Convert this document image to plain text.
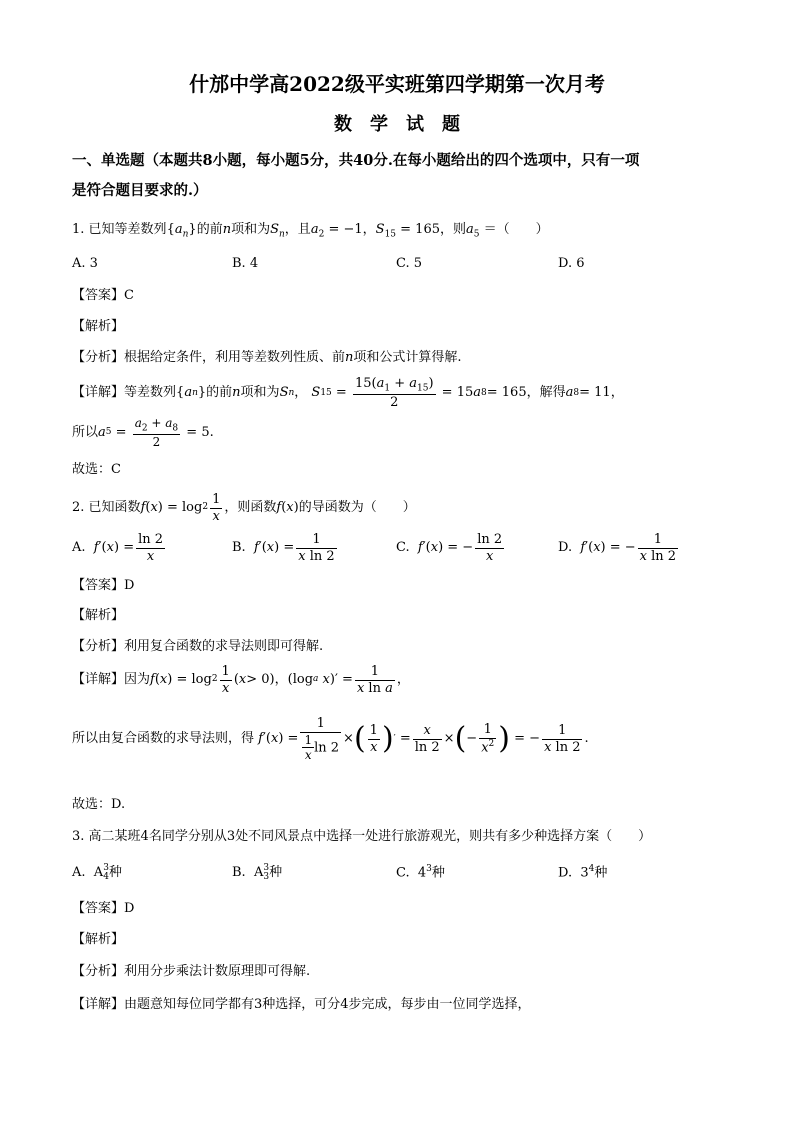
什邡中学高2022级平实班第四学期第一次月考
数　学　试　题
一、单选题（本题共8小题，每小题5分，共40分.在每小题给出的四个选项中，只有一项
是符合题目要求的.）
1. 已知等差数列$\{a_n\}$的前n项和为$S_n$，且$a_2 = -1$，$S_{15} = 165$，则$a_5$ ＝（　　）
A. 3	B. 4	C. 5	D. 6
【答案】C
【解析】
【分析】根据给定条件，利用等差数列性质、前n项和公式计算得解.
【详解】 等差数列 { a n } 的前 n 项和为 S n ，
S $15 = \frac{15(a_1 + a_{15})}{2} = 15$ a 8 = 165 ，解得 a 8 = 11 ，
所以 a $5 = \frac{a_2 + a_8}{2} = 5$.
故选：C
2.
已知函数 f ( x ) = $\log 2 \frac{1}{x}$ ，则函数 f ( x ) 的导函数为（　　）
A. f ′( x ) = $\frac{\ln 2}{x}$	B. f ′( x ) = $\frac{1}{\text{x ln 2}}$	C. f ′( x ) = − $\frac{\ln 2}{x}$	D. f ′( x ) = − $\frac{1}{\text{x ln 2}}$
【答案】D
【解析】
【分析】利用复合函数的求导法则即可得解.
【详解】 因为 f ( x ) = $\log 2 \frac{1}{x}$ ( x > 0) ， (log a
x )′ = $\frac{1}{\text{x ln a}}$ ，
所以由复合函数的求导法则，得
f ′( x ) = $\frac{1}{\frac{1}{x} \ln 2}$ × ( $\frac{1}{x}$ ) ′ = $\frac{x}{\ln 2}$ × ( − $\frac{1}{x^2}$ ) = − $\frac{1}{\text{x ln 2}}$ .
故选：D.
3. 高二某班4名同学分别从3处不同风景点中选择一处进行旅游观光，则共有多少种选择方案（　　）
A.  A 3
4 种	B.  A 3
3 种	C.  $4^3$种	D.  $3^4$种
【答案】D
【解析】
【分析】利用分步乘法计数原理即可得解.
【详解】由题意知每位同学都有3种选择，可分4步完成，每步由一位同学选择，
